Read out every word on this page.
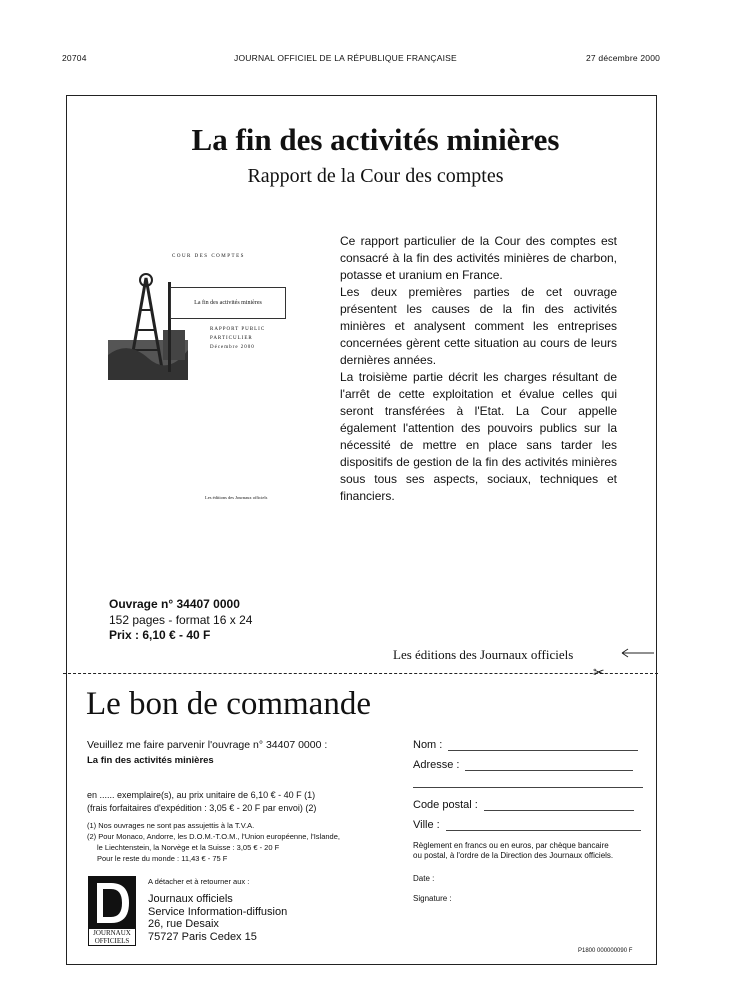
20704	JOURNAL OFFICIEL DE LA RÉPUBLIQUE FRANÇAISE	27 décembre 2000
La fin des activités minières
Rapport de la Cour des comptes
COUR DES COMPTES
La fin des activités minières
RAPPORT PUBLIC
PARTICULIER
Décembre 2000
Les éditions des Journaux officiels

Ce rapport particulier de la Cour des comptes est consacré à la fin des activités minières de charbon, potasse et uranium en France.

Les deux premières parties de cet ouvrage présentent les causes de la fin des activités minières et analysent comment les entreprises concernées gèrent cette situation au cours de leurs dernières années.

La troisième partie décrit les charges résultant de l'arrêt de cette exploitation et évalue celles qui seront transférées à l'Etat. La Cour appelle également l'attention des pouvoirs publics sur la nécessité de mettre en place sans tarder les dispositifs de gestion de la fin des activités minières sous tous ses aspects, sociaux, techniques et financiers.

Ouvrage n° 34407 0000
152 pages - format 16 x 24
Prix : 6,10 € - 40 F
Les éditions des Journaux officiels
✂
Le bon de commande
Veuillez me faire parvenir l'ouvrage n° 34407 0000 :
La fin des activités minières
en ...... exemplaire(s), au prix unitaire de 6,10 € - 40 F (1)
(frais forfaitaires d'expédition : 3,05 € - 20 F par envoi) (2)
(1) Nos ouvrages ne sont pas assujettis à la T.V.A.
(2) Pour Monaco, Andorre, les D.O.M.-T.O.M., l'Union européenne, l'Islande,
le Liechtenstein, la Norvège et la Suisse : 3,05 € - 20 F
Pour le reste du monde : 11,43 € - 75 F
JOURNAUX
OFFICIELS
A détacher et à retourner aux :
Journaux officiels
Service Information-diffusion
26, rue Desaix
75727 Paris Cedex 15
Nom :
Adresse :
Code postal :
Ville :
Règlement en francs ou en euros, par chèque bancaire
ou postal, à l'ordre de la Direction des Journaux officiels.
Date :
Signature :
P1800 000000090 F
